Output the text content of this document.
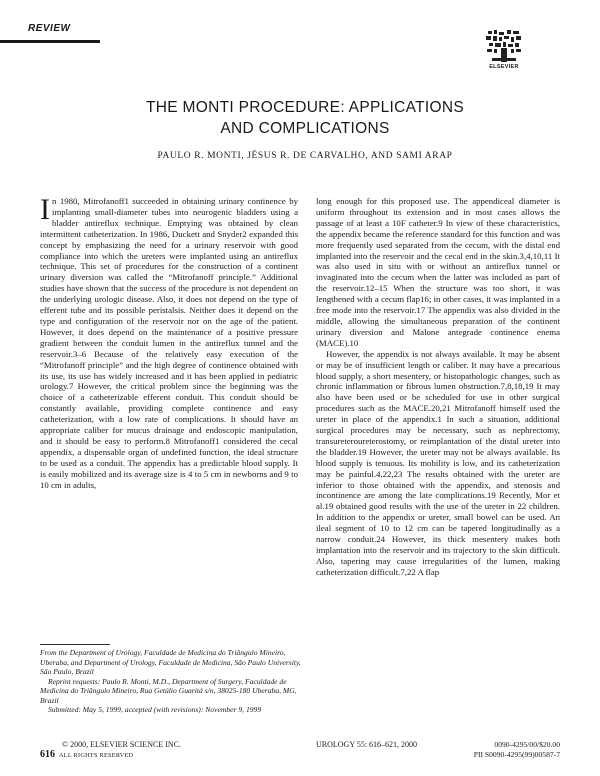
REVIEW
ELSEVIER
THE MONTI PROCEDURE: APPLICATIONS
AND COMPLICATIONS
PAULO R. MONTI, JÉSUS R. DE CARVALHO, AND SAMI ARAP

In 1980, Mitrofanoff1 succeeded in obtaining urinary continence by implanting small-diameter tubes into neurogenic bladders using a bladder antireflux technique. Emptying was obtained by clean intermittent catheterization. In 1986, Duckett and Snyder2 expanded this concept by emphasizing the need for a urinary reservoir with good compliance into which the ureters were implanted using an antireflux technique. This set of procedures for the construction of a continent urinary diversion was called the “Mitrofanoff principle.” Additional studies have shown that the success of the procedure is not dependent on the underlying urologic disease. Also, it does not depend on the type of efferent tube and its possible peristalsis. Neither does it depend on the type and configuration of the reservoir nor on the age of the patient. However, it does depend on the maintenance of a positive pressure gradient between the conduit lumen in the antireflux tunnel and the reservoir.3–6 Because of the relatively easy execution of the “Mitrofanoff principle” and the high degree of continence obtained with its use, its use has widely increased and it has been applied in pediatric urology.7 However, the critical problem since the beginning was the choice of a catheterizable efferent conduit. This conduit should be constantly available, providing complete continence and easy catheterization, with a low rate of complications. It should have an appropriate caliber for mucus drainage and endoscopic manipulation, and it should be easy to perform.8 Mitrofanoff1 considered the cecal appendix, a dispensable organ of undefined function, the ideal structure to be used as a conduit. The appendix has a predictable blood supply. It is easily mobilized and its average size is 4 to 5 cm in newborns and 9 to 10 cm in adults,

long enough for this proposed use. The appendiceal diameter is uniform throughout its extension and in most cases allows the passage of at least a 10F catheter.9 In view of these characteristics, the appendix became the reference standard for this function and was more frequently used separated from the cecum, with the distal end implanted into the reservoir and the cecal end in the skin.3,4,10,11 It was also used in situ with or without an antireflux tunnel or invaginated into the cecum when the latter was included as part of the reservoir.12–15 When the structure was too short, it was lengthened with a cecum flap16; in other cases, it was implanted in a free mode into the reservoir.17 The appendix was also divided in the middle, allowing the simultaneous preparation of the continent urinary diversion and Malone antegrade continence enema (MACE).10

However, the appendix is not always available. It may be absent or may be of insufficient length or caliber. It may have a precarious blood supply, a short mesentery, or histopathologic changes, such as chronic inflammation or fibrous lumen obstruction.7,8,18,19 It may also have been used or be scheduled for use in other surgical procedures such as the MACE.20,21 Mitrofanoff himself used the ureter in place of the appendix.1 In such a situation, additional surgical procedures may be necessary, such as nephrectomy, transureteroureterostomy, or reimplantation of the distal ureter into the bladder.19 However, the ureter may not be always available. Its blood supply is tenuous. Its mobility is low, and its catheterization may be painful.4,22,23 The results obtained with the ureter are inferior to those obtained with the appendix, and stenosis and incontinence are among the late complications.19 Recently, Mor et al.19 obtained good results with the use of the ureter in 22 children. In addition to the appendix or ureter, small bowel can be used. An ileal segment of 10 to 12 cm can be tapered longitudinally as a narrow conduit.24 However, its thick mesentery makes both implantation into the reservoir and its trajectory to the skin difficult. Also, tapering may cause irregularities of the lumen, making catheterization difficult.7,22 A flap

From the Department of Urology, Faculdade de Medicina do Triângulo Mineiro, Uberaba, and Department of Urology, Faculdade de Medicina, São Paulo University, São Paulo, Brazil

Reprint requests: Paulo R. Monti, M.D., Department of Surgery, Faculdade de Medicina do Triângulo Mineiro, Rua Getúlio Guaritá s/n, 38025-180 Uberaba, MG, Brazil

Submitted: May 5, 1999, accepted (with revisions): November 9, 1999

© 2000, ELSEVIER SCIENCE INC.
616 ALL RIGHTS RESERVED
UROLOGY 55: 616–621, 2000	0090-4295/00/$20.00
PII S0090-4295(99)00587-7
